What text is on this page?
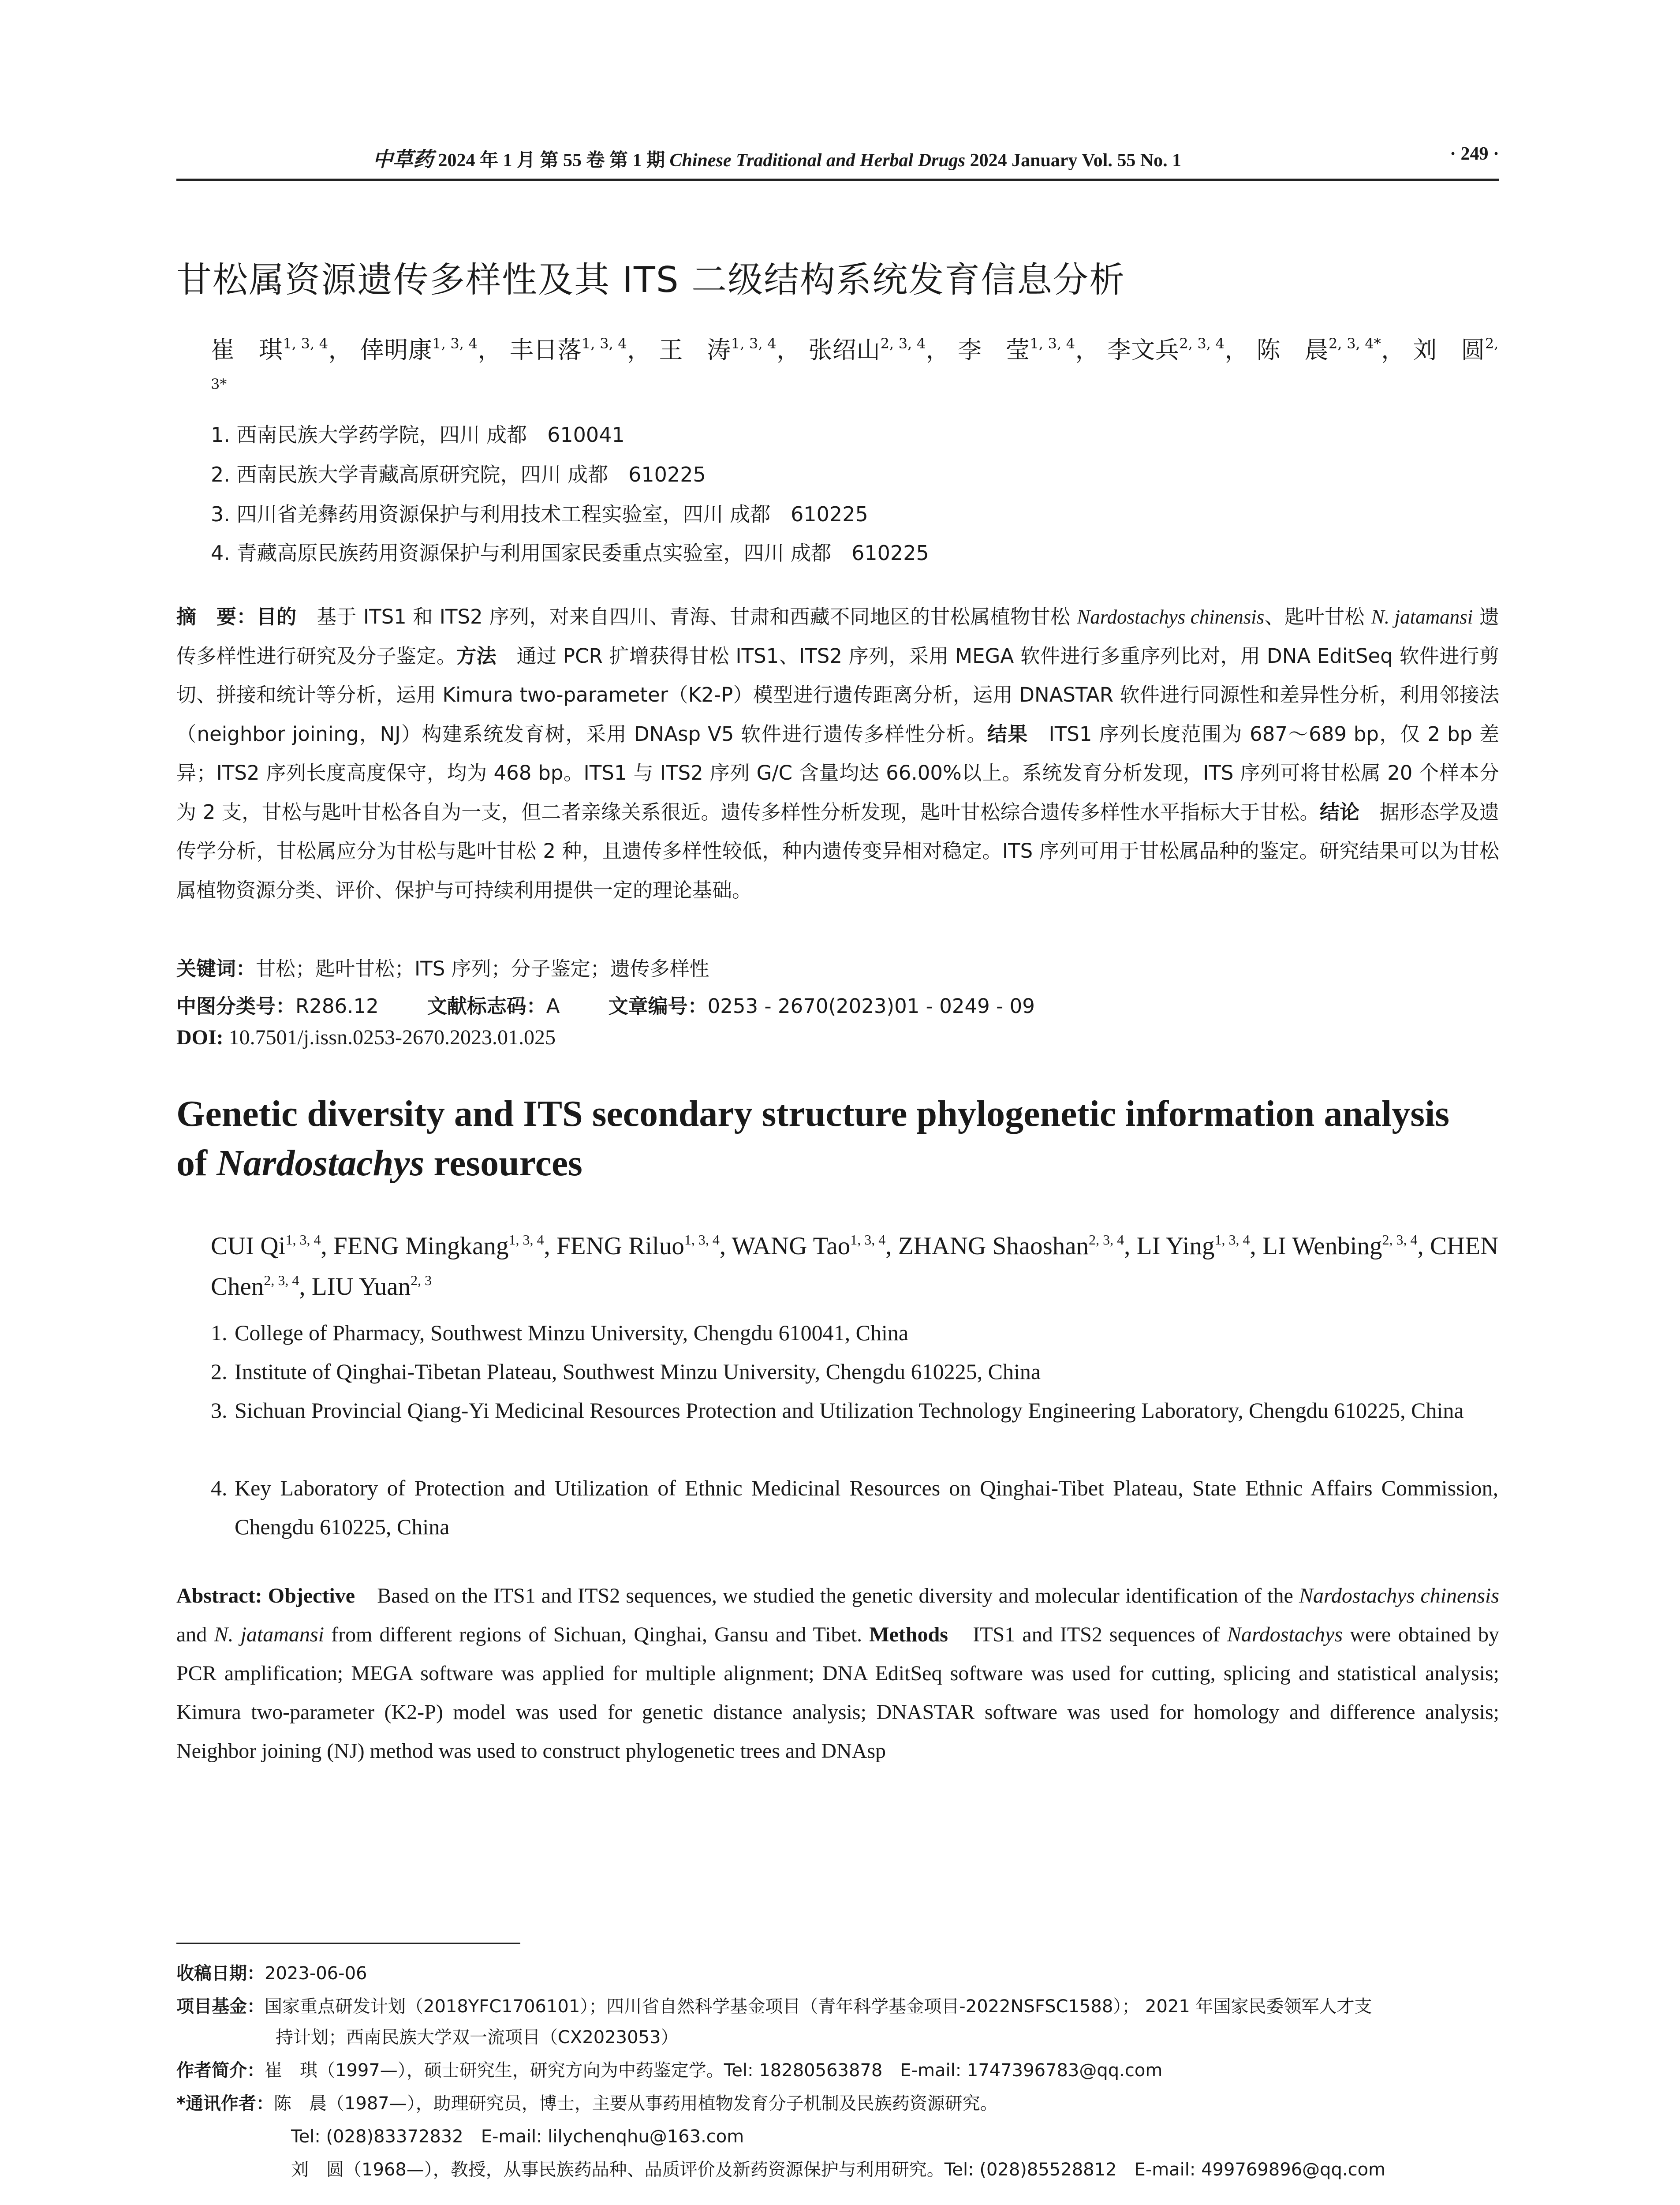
中草药 2024 年 1 月 第 55 卷 第 1 期 Chinese Traditional and Herbal Drugs 2024 January Vol. 55 No. 1	· 249 ·
甘松属资源遗传多样性及其 ITS 二级结构系统发育信息分析
崔　琪$^{1, 3, 4}$， 倖明康$^{1, 3, 4}$， 丰日落$^{1, 3, 4}$， 王　涛$^{1, 3, 4}$， 张绍山$^{2, 3, 4}$， 李　莹$^{1, 3, 4}$， 李文兵$^{2, 3, 4}$， 陈　晨$^{2, 3, 4*}$， 刘　圆$^{2, 3*}$
1. 西南民族大学药学院，四川 成都　610041
2. 西南民族大学青藏高原研究院，四川 成都　610225
3. 四川省羌彝药用资源保护与利用技术工程实验室，四川 成都　610225
4. 青藏高原民族药用资源保护与利用国家民委重点实验室，四川 成都　610225
摘　要：目的　 基于 ITS1 和 ITS2 序列，对来自四川、青海、甘肃和西藏不同地区的甘松属植物甘松 Nardostachys chinensis、匙叶甘松 N. jatamansi 遗传多样性进行研究及分子鉴定。方法　 通过 PCR 扩增获得甘松 ITS1、ITS2 序列，采用 MEGA 软件进行多重序列比对，用 DNA EditSeq 软件进行剪切、拼接和统计等分析，运用 Kimura two-parameter（K2-P）模型进行遗传距离分析，运用 DNASTAR 软件进行同源性和差异性分析，利用邻接法（neighbor joining，NJ）构建系统发育树，采用 DNAsp V5 软件进行遗传多样性分析。结果　 ITS1 序列长度范围为 687～689 bp，仅 2 bp 差异；ITS2 序列长度高度保守，均为 468 bp。ITS1 与 ITS2 序列 G/C 含量均达 66.00%以上。系统发育分析发现，ITS 序列可将甘松属 20 个样本分为 2 支，甘松与匙叶甘松各自为一支，但二者亲缘关系很近。遗传多样性分析发现，匙叶甘松综合遗传多样性水平指标大于甘松。结论　 据形态学及遗传学分析，甘松属应分为甘松与匙叶甘松 2 种，且遗传多样性较低，种内遗传变异相对稳定。ITS 序列可用于甘松属品种的鉴定。研究结果可以为甘松属植物资源分类、评价、保护与可持续利用提供一定的理论基础。
关键词：甘松；匙叶甘松；ITS 序列；分子鉴定；遗传多样性
中图分类号：R286.12 文献标志码：A 文章编号：0253 - 2670(2023)01 - 0249 - 09
DOI: 10.7501/j.issn.0253-2670.2023.01.025
Genetic diversity and ITS secondary structure phylogenetic information analysis
of Nardostachys resources
CUI Qi$^{1, 3, 4}$, FENG Mingkang$^{1, 3, 4}$, FENG Riluo$^{1, 3, 4}$, WANG Tao$^{1, 3, 4}$, ZHANG Shaoshan$^{2, 3, 4}$, LI Ying$^{1, 3, 4}$, LI Wenbing$^{2, 3, 4}$, CHEN Chen$^{2, 3, 4}$, LIU Yuan$^{2, 3}$
1. College of Pharmacy, Southwest Minzu University, Chengdu 610041, China
2. Institute of Qinghai-Tibetan Plateau, Southwest Minzu University, Chengdu 610225, China
3. Sichuan Provincial Qiang-Yi Medicinal Resources Protection and Utilization Technology Engineering Laboratory, Chengdu 610225, China
4. Key Laboratory of Protection and Utilization of Ethnic Medicinal Resources on Qinghai-Tibet Plateau, State Ethnic Affairs Commission, Chengdu 610225, China
Abstract: Objective　 Based on the ITS1 and ITS2 sequences, we studied the genetic diversity and molecular identification of the Nardostachys chinensis and N. jatamansi from different regions of Sichuan, Qinghai, Gansu and Tibet. Methods　 ITS1 and ITS2 sequences of Nardostachys were obtained by PCR amplification; MEGA software was applied for multiple alignment; DNA EditSeq software was used for cutting, splicing and statistical analysis; Kimura two-parameter (K2-P) model was used for genetic distance analysis; DNASTAR software was used for homology and difference analysis; Neighbor joining (NJ) method was used to construct phylogenetic trees and DNAsp
收稿日期：2023-06-06
项目基金：国家重点研发计划（2018YFC1706101）；四川省自然科学基金项目（青年科学基金项目-2022NSFSC1588）； 2021 年国家民委领军人才支
持计划；西南民族大学双一流项目（CX2023053）
作者简介：崔　琪（1997—），硕士研究生，研究方向为中药鉴定学。Tel: 18280563878　E-mail: 1747396783@qq.com
*通讯作者：陈　晨（1987—），助理研究员，博士，主要从事药用植物发育分子机制及民族药资源研究。
Tel: (028)83372832　E-mail: lilychenqhu@163.com
刘　圆（1968—），教授，从事民族药品种、品质评价及新药资源保护与利用研究。Tel: (028)85528812　E-mail: 499769896@qq.com
